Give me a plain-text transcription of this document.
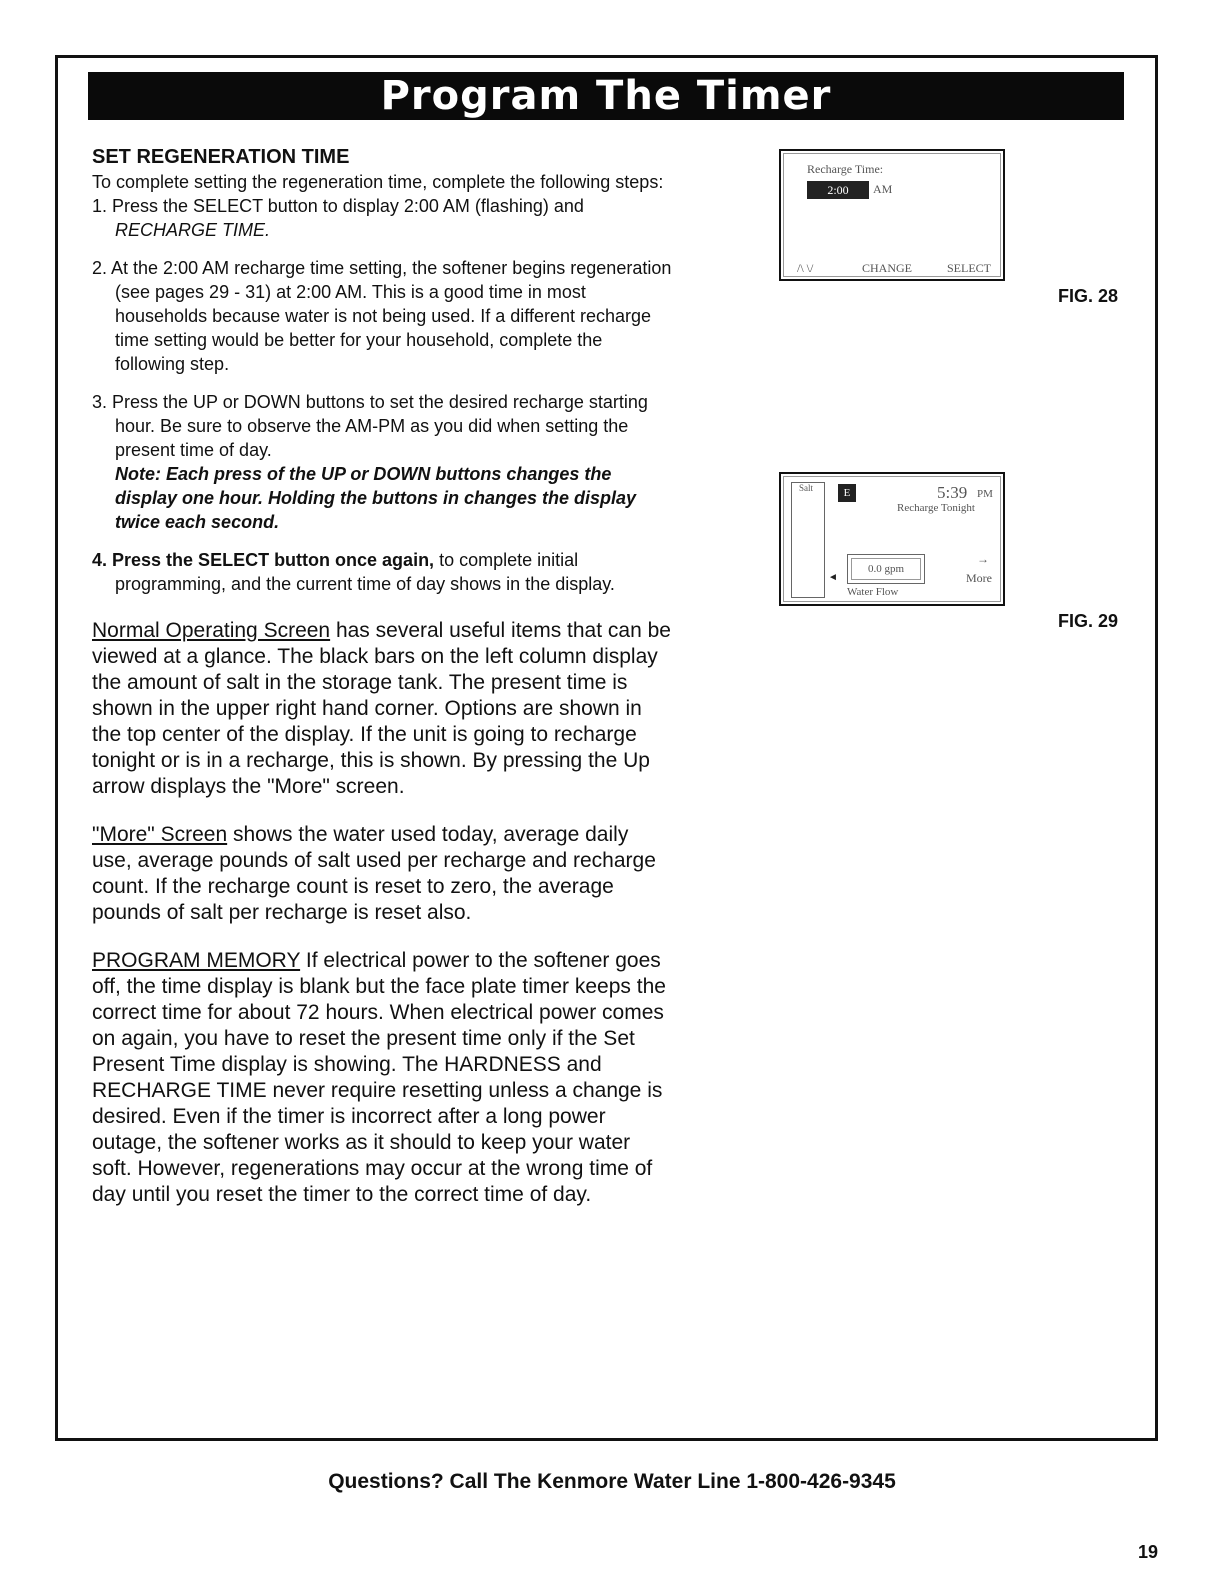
Program The Timer
SET REGENERATION TIME

To complete setting the regeneration time, complete the following steps:

1. Press the SELECT button to display 2:00 AM (flashing) and
RECHARGE TIME.

2. At the 2:00 AM recharge time setting, the softener begins regeneration (see pages 29 - 31) at 2:00 AM. This is a good time in most households because water is not being used. If a different recharge time setting would be better for your household, complete the following step.

3. Press the UP or DOWN buttons to set the desired recharge starting hour. Be sure to observe the AM-PM as you did when setting the present time of day.

Note: Each press of the UP or DOWN buttons changes the display one hour. Holding the buttons in changes the display twice each second.

4. Press the SELECT button once again, to complete initial programming, and the current time of day shows in the display.

Normal Operating Screen has several useful items that can be viewed at a glance. The black bars on the left column display the amount of salt in the storage tank. The present time is shown in the upper right hand corner. Options are shown in the top center of the display. If the unit is going to recharge tonight or is in a recharge, this is shown. By pressing the Up arrow displays the "More" screen.

"More" Screen shows the water used today, average daily use, average pounds of salt used per recharge and recharge count. If the recharge count is reset to zero, the average pounds of salt per recharge is reset also.

PROGRAM MEMORY If electrical power to the softener goes off, the time display is blank but the face plate timer keeps the correct time for about 72 hours. When electrical power comes on again, you have to reset the present time only if the Set Present Time display is showing. The HARDNESS and RECHARGE TIME never require resetting unless a change is desired. Even if the timer is incorrect after a long power outage, the softener works as it should to keep your water soft. However, regenerations may occur at the wrong time of day until you reset the timer to the correct time of day.

Recharge Time:
2:00	AM
/\ \/	CHANGE	SELECT
FIG. 28
Salt	E	5:39 PM
Recharge Tonight
0.0 gpm
◄
Water Flow
→
More
FIG. 29
Questions? Call The Kenmore Water Line 1-800-426-9345
19
